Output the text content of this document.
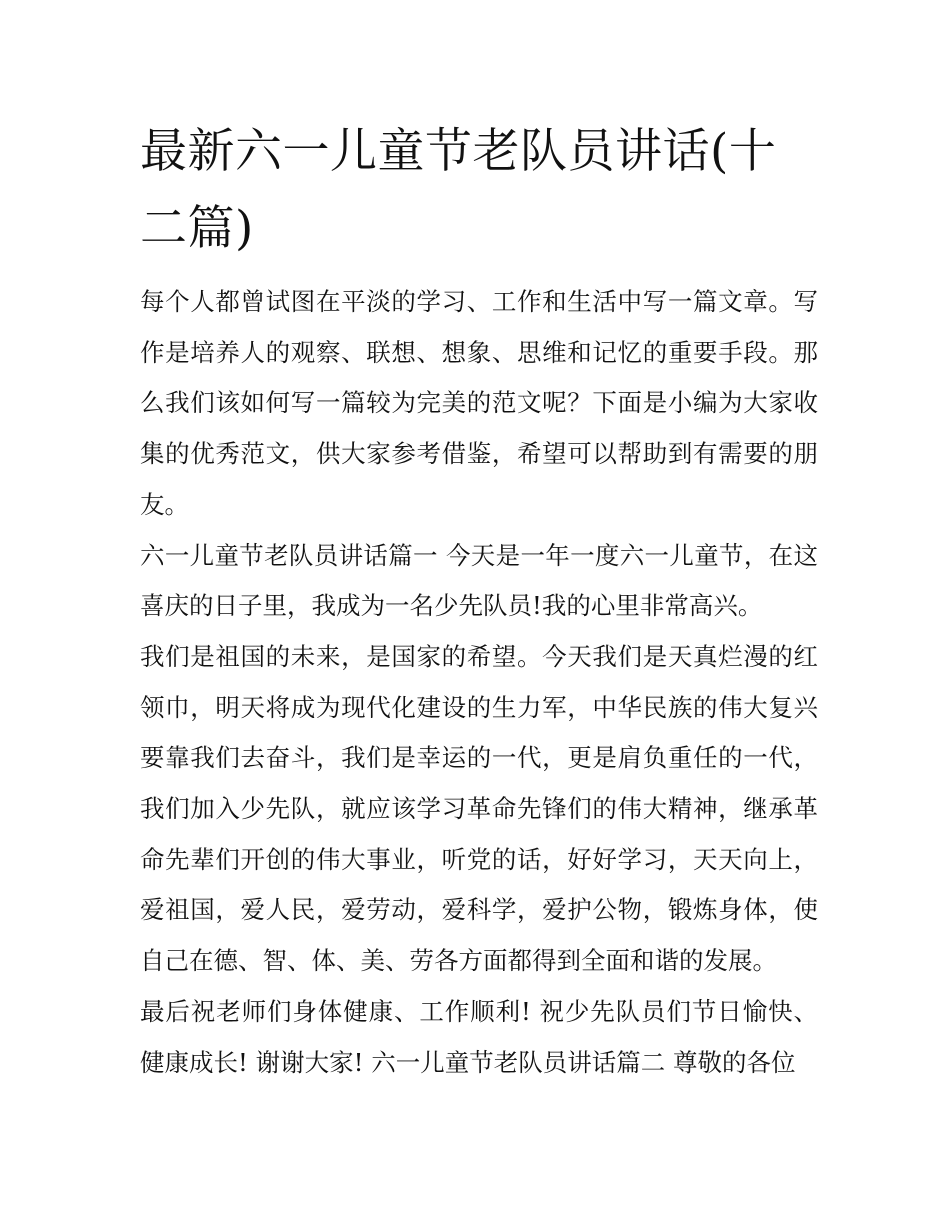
最新六一儿童节老队员讲话(十二篇)

每个人都曾试图在平淡的学习、工作和生活中写一篇文章。写作是培养人的观察、联想、想象、思维和记忆的重要手段。那么我们该如何写一篇较为完美的范文呢？下面是小编为大家收集的优秀范文，供大家参考借鉴，希望可以帮助到有需要的朋友。

六一儿童节老队员讲话篇一 今天是一年一度六一儿童节，在这喜庆的日子里，我成为一名少先队员!我的心里非常高兴。

我们是祖国的未来，是国家的希望。今天我们是天真烂漫的红领巾，明天将成为现代化建设的生力军，中华民族的伟大复兴要靠我们去奋斗，我们是幸运的一代，更是肩负重任的一代，我们加入少先队，就应该学习革命先锋们的伟大精神，继承革命先辈们开创的伟大事业，听党的话，好好学习，天天向上，爱祖国，爱人民，爱劳动，爱科学，爱护公物，锻炼身体，使自己在德、智、体、美、劳各方面都得到全面和谐的发展。

最后祝老师们身体健康、工作顺利! 祝少先队员们节日愉快、健康成长! 谢谢大家! 六一儿童节老队员讲话篇二 尊敬的各位
